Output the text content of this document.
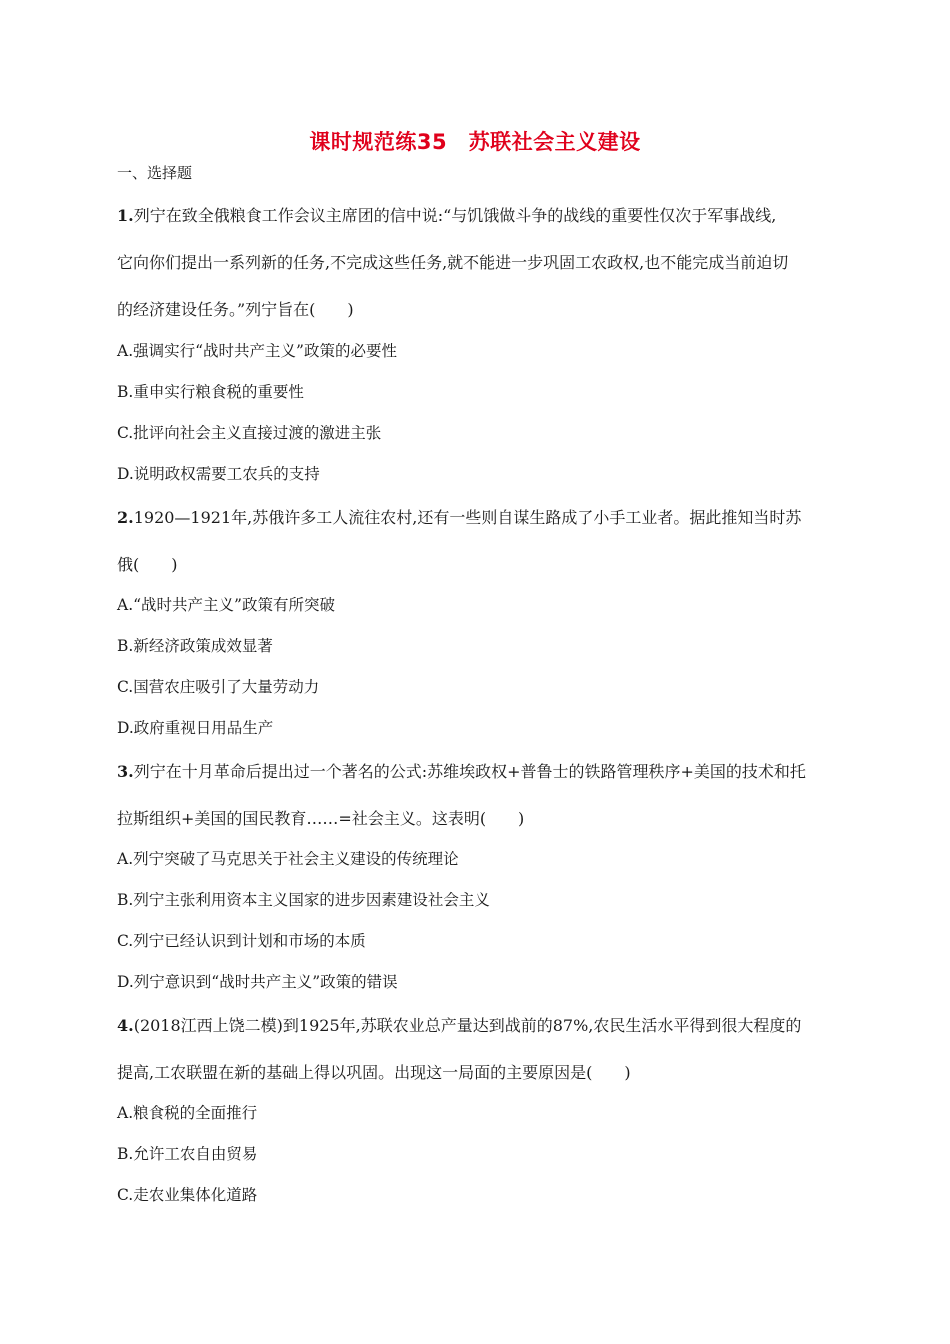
课时规范练35　苏联社会主义建设
一、选择题
1.列宁在致全俄粮食工作会议主席团的信中说:“与饥饿做斗争的战线的重要性仅次于军事战线,
它向你们提出一系列新的任务,不完成这些任务,就不能进一步巩固工农政权,也不能完成当前迫切
的经济建设任务。”列宁旨在(　　)
A.强调实行“战时共产主义”政策的必要性
B.重申实行粮食税的重要性
C.批评向社会主义直接过渡的激进主张
D.说明政权需要工农兵的支持
2.1920—1921年,苏俄许多工人流往农村,还有一些则自谋生路成了小手工业者。据此推知当时苏
俄(　　)
A.“战时共产主义”政策有所突破
B.新经济政策成效显著
C.国营农庄吸引了大量劳动力
D.政府重视日用品生产
3.列宁在十月革命后提出过一个著名的公式:苏维埃政权+普鲁士的铁路管理秩序+美国的技术和托
拉斯组织+美国的国民教育……=社会主义。这表明(　　)
A.列宁突破了马克思关于社会主义建设的传统理论
B.列宁主张利用资本主义国家的进步因素建设社会主义
C.列宁已经认识到计划和市场的本质
D.列宁意识到“战时共产主义”政策的错误
4.(2018江西上饶二模)到1925年,苏联农业总产量达到战前的87%,农民生活水平得到很大程度的
提高,工农联盟在新的基础上得以巩固。出现这一局面的主要原因是(　　)
A.粮食税的全面推行
B.允许工农自由贸易
C.走农业集体化道路
